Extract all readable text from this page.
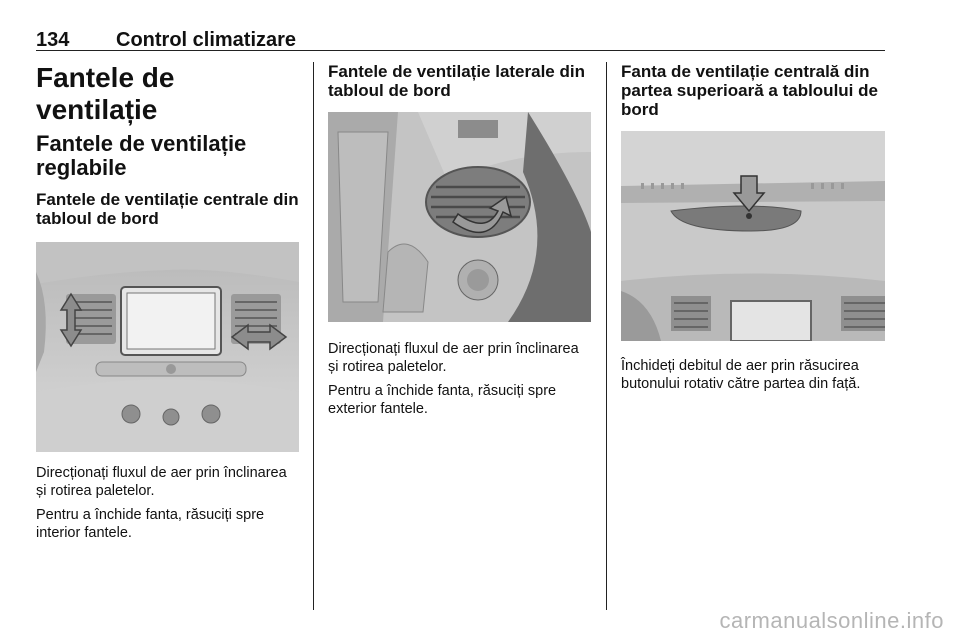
134 Control climatizare
Fantele de ventilație
Fantele de ventilație reglabile
Fantele de ventilație centrale din tabloul de bord

Direcționați fluxul de aer prin înclinarea și rotirea paletelor.

Pentru a închide fanta, răsuciți spre interior fantele.

Fantele de ventilație laterale din tabloul de bord

Direcționați fluxul de aer prin înclinarea și rotirea paletelor.

Pentru a închide fanta, răsuciți spre exterior fantele.

Fanta de ventilație centrală din partea superioară a tabloului de bord

Închideți debitul de aer prin răsucirea butonului rotativ către partea din față.

carmanualsonline.info
